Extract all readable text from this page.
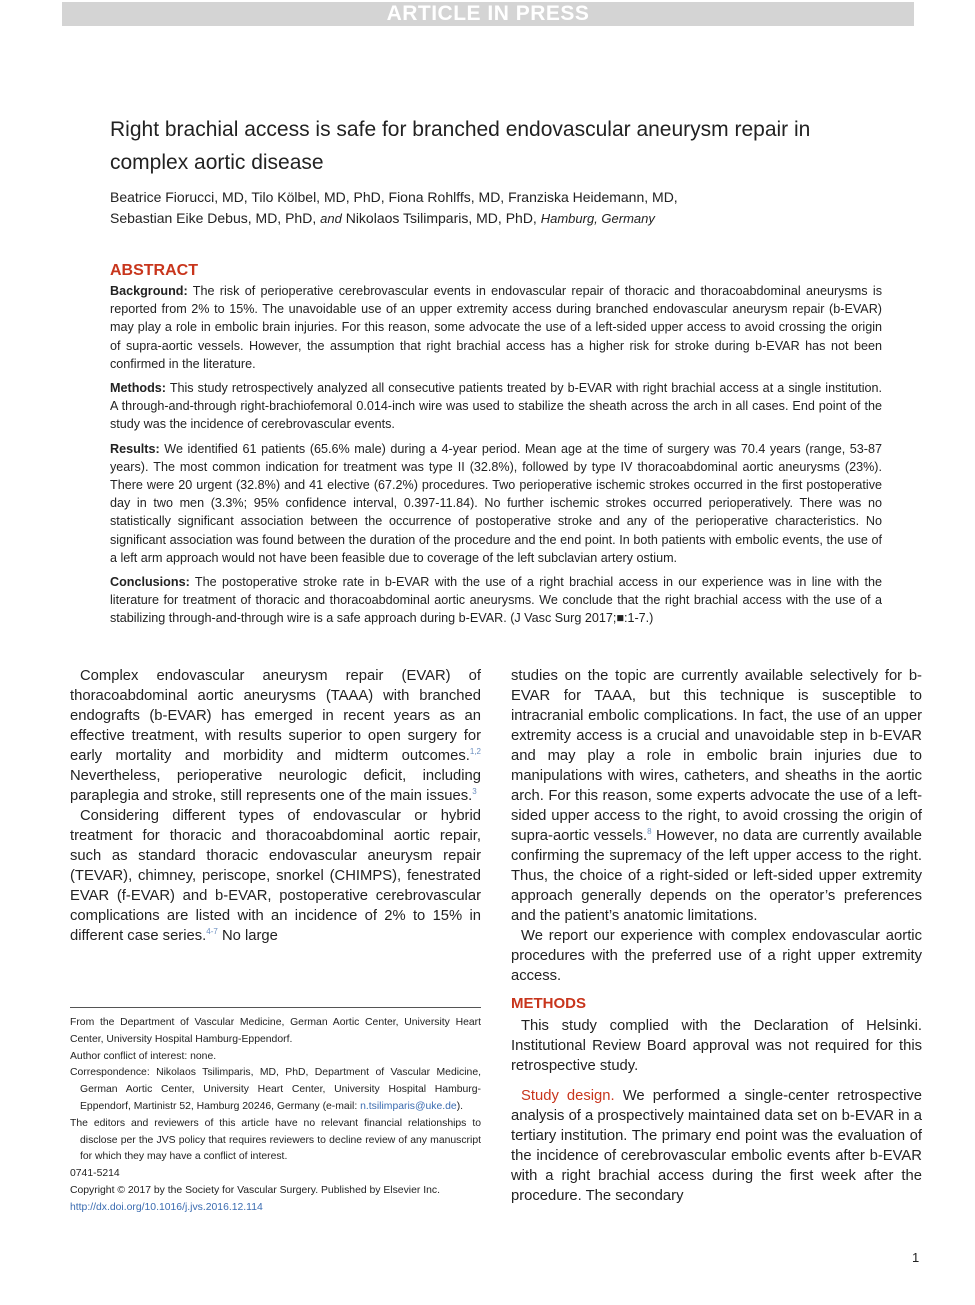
ARTICLE IN PRESS
Right brachial access is safe for branched endovascular aneurysm repair in complex aortic disease
Beatrice Fiorucci, MD, Tilo Kölbel, MD, PhD, Fiona Rohlffs, MD, Franziska Heidemann, MD,
Sebastian Eike Debus, MD, PhD, and Nikolaos Tsilimparis, MD, PhD, Hamburg, Germany
ABSTRACT

Background: The risk of perioperative cerebrovascular events in endovascular repair of thoracic and thoracoabdominal aneurysms is reported from 2% to 15%. The unavoidable use of an upper extremity access during branched endovascular aneurysm repair (b-EVAR) may play a role in embolic brain injuries. For this reason, some advocate the use of a left-sided upper access to avoid crossing the origin of supra-aortic vessels. However, the assumption that right brachial access has a higher risk for stroke during b-EVAR has not been confirmed in the literature.

Methods: This study retrospectively analyzed all consecutive patients treated by b-EVAR with right brachial access at a single institution. A through-and-through right-brachiofemoral 0.014-inch wire was used to stabilize the sheath across the arch in all cases. End point of the study was the incidence of cerebrovascular events.

Results: We identified 61 patients (65.6% male) during a 4-year period. Mean age at the time of surgery was 70.4 years (range, 53-87 years). The most common indication for treatment was type II (32.8%), followed by type IV thoracoabdominal aortic aneurysms (23%). There were 20 urgent (32.8%) and 41 elective (67.2%) procedures. Two perioperative ischemic strokes occurred in the first postoperative day in two men (3.3%; 95% confidence interval, 0.397-11.84). No further ischemic strokes occurred perioperatively. There was no statistically significant association between the occurrence of postoperative stroke and any of the perioperative characteristics. No significant association was found between the duration of the procedure and the end point. In both patients with embolic events, the use of a left arm approach would not have been feasible due to coverage of the left subclavian artery ostium.

Conclusions: The postoperative stroke rate in b-EVAR with the use of a right brachial access in our experience was in line with the literature for treatment of thoracic and thoracoabdominal aortic aneurysms. We conclude that the right brachial access with the use of a stabilizing through-and-through wire is a safe approach during b-EVAR. (J Vasc Surg 2017;■:1-7.)

Complex endovascular aneurysm repair (EVAR) of thoracoabdominal aortic aneurysms (TAAA) with branched endografts (b-EVAR) has emerged in recent years as an effective treatment, with results superior to open surgery for early mortality and morbidity and midterm outcomes.$^{1,2}$ Nevertheless, perioperative neurologic deficit, including paraplegia and stroke, still represents one of the main issues.$^3$

Considering different types of endovascular or hybrid treatment for thoracic and thoracoabdominal aortic repair, such as standard thoracic endovascular aneurysm repair (TEVAR), chimney, periscope, snorkel (CHIMPS), fenestrated EVAR (f-EVAR) and b-EVAR, postoperative cerebrovascular complications are listed with an incidence of 2% to 15% in different case series.$^{4-7}$ No large

From the Department of Vascular Medicine, German Aortic Center, University Heart Center, University Hospital Hamburg-Eppendorf.

Author conflict of interest: none.

Correspondence: Nikolaos Tsilimparis, MD, PhD, Department of Vascular Medicine, German Aortic Center, University Heart Center, University Hospital Hamburg-Eppendorf, Martinistr 52, Hamburg 20246, Germany (e-mail: n.tsilimparis@uke.de).

The editors and reviewers of this article have no relevant financial relationships to disclose per the JVS policy that requires reviewers to decline review of any manuscript for which they may have a conflict of interest.

0741-5214

Copyright © 2017 by the Society for Vascular Surgery. Published by Elsevier Inc.

http://dx.doi.org/10.1016/j.jvs.2016.12.114

studies on the topic are currently available selectively for b-EVAR for TAAA, but this technique is susceptible to intracranial embolic complications. In fact, the use of an upper extremity access is a crucial and unavoidable step in b-EVAR and may play a role in embolic brain injuries due to manipulations with wires, catheters, and sheaths in the aortic arch. For this reason, some experts advocate the use of a left-sided upper access to the right, to avoid crossing the origin of supra-aortic vessels.$^8$ However, no data are currently available confirming the supremacy of the left upper access to the right. Thus, the choice of a right-sided or left-sided upper extremity approach generally depends on the operator’s preferences and the patient’s anatomic limitations.

We report our experience with complex endovascular aortic procedures with the preferred use of a right upper extremity access.

METHODS

This study complied with the Declaration of Helsinki. Institutional Review Board approval was not required for this retrospective study.

Study design. We performed a single-center retrospective analysis of a prospectively maintained data set on b-EVAR in a tertiary institution. The primary end point was the evaluation of the incidence of cerebrovascular embolic events after b-EVAR with a right brachial access during the first week after the procedure. The secondary

1
